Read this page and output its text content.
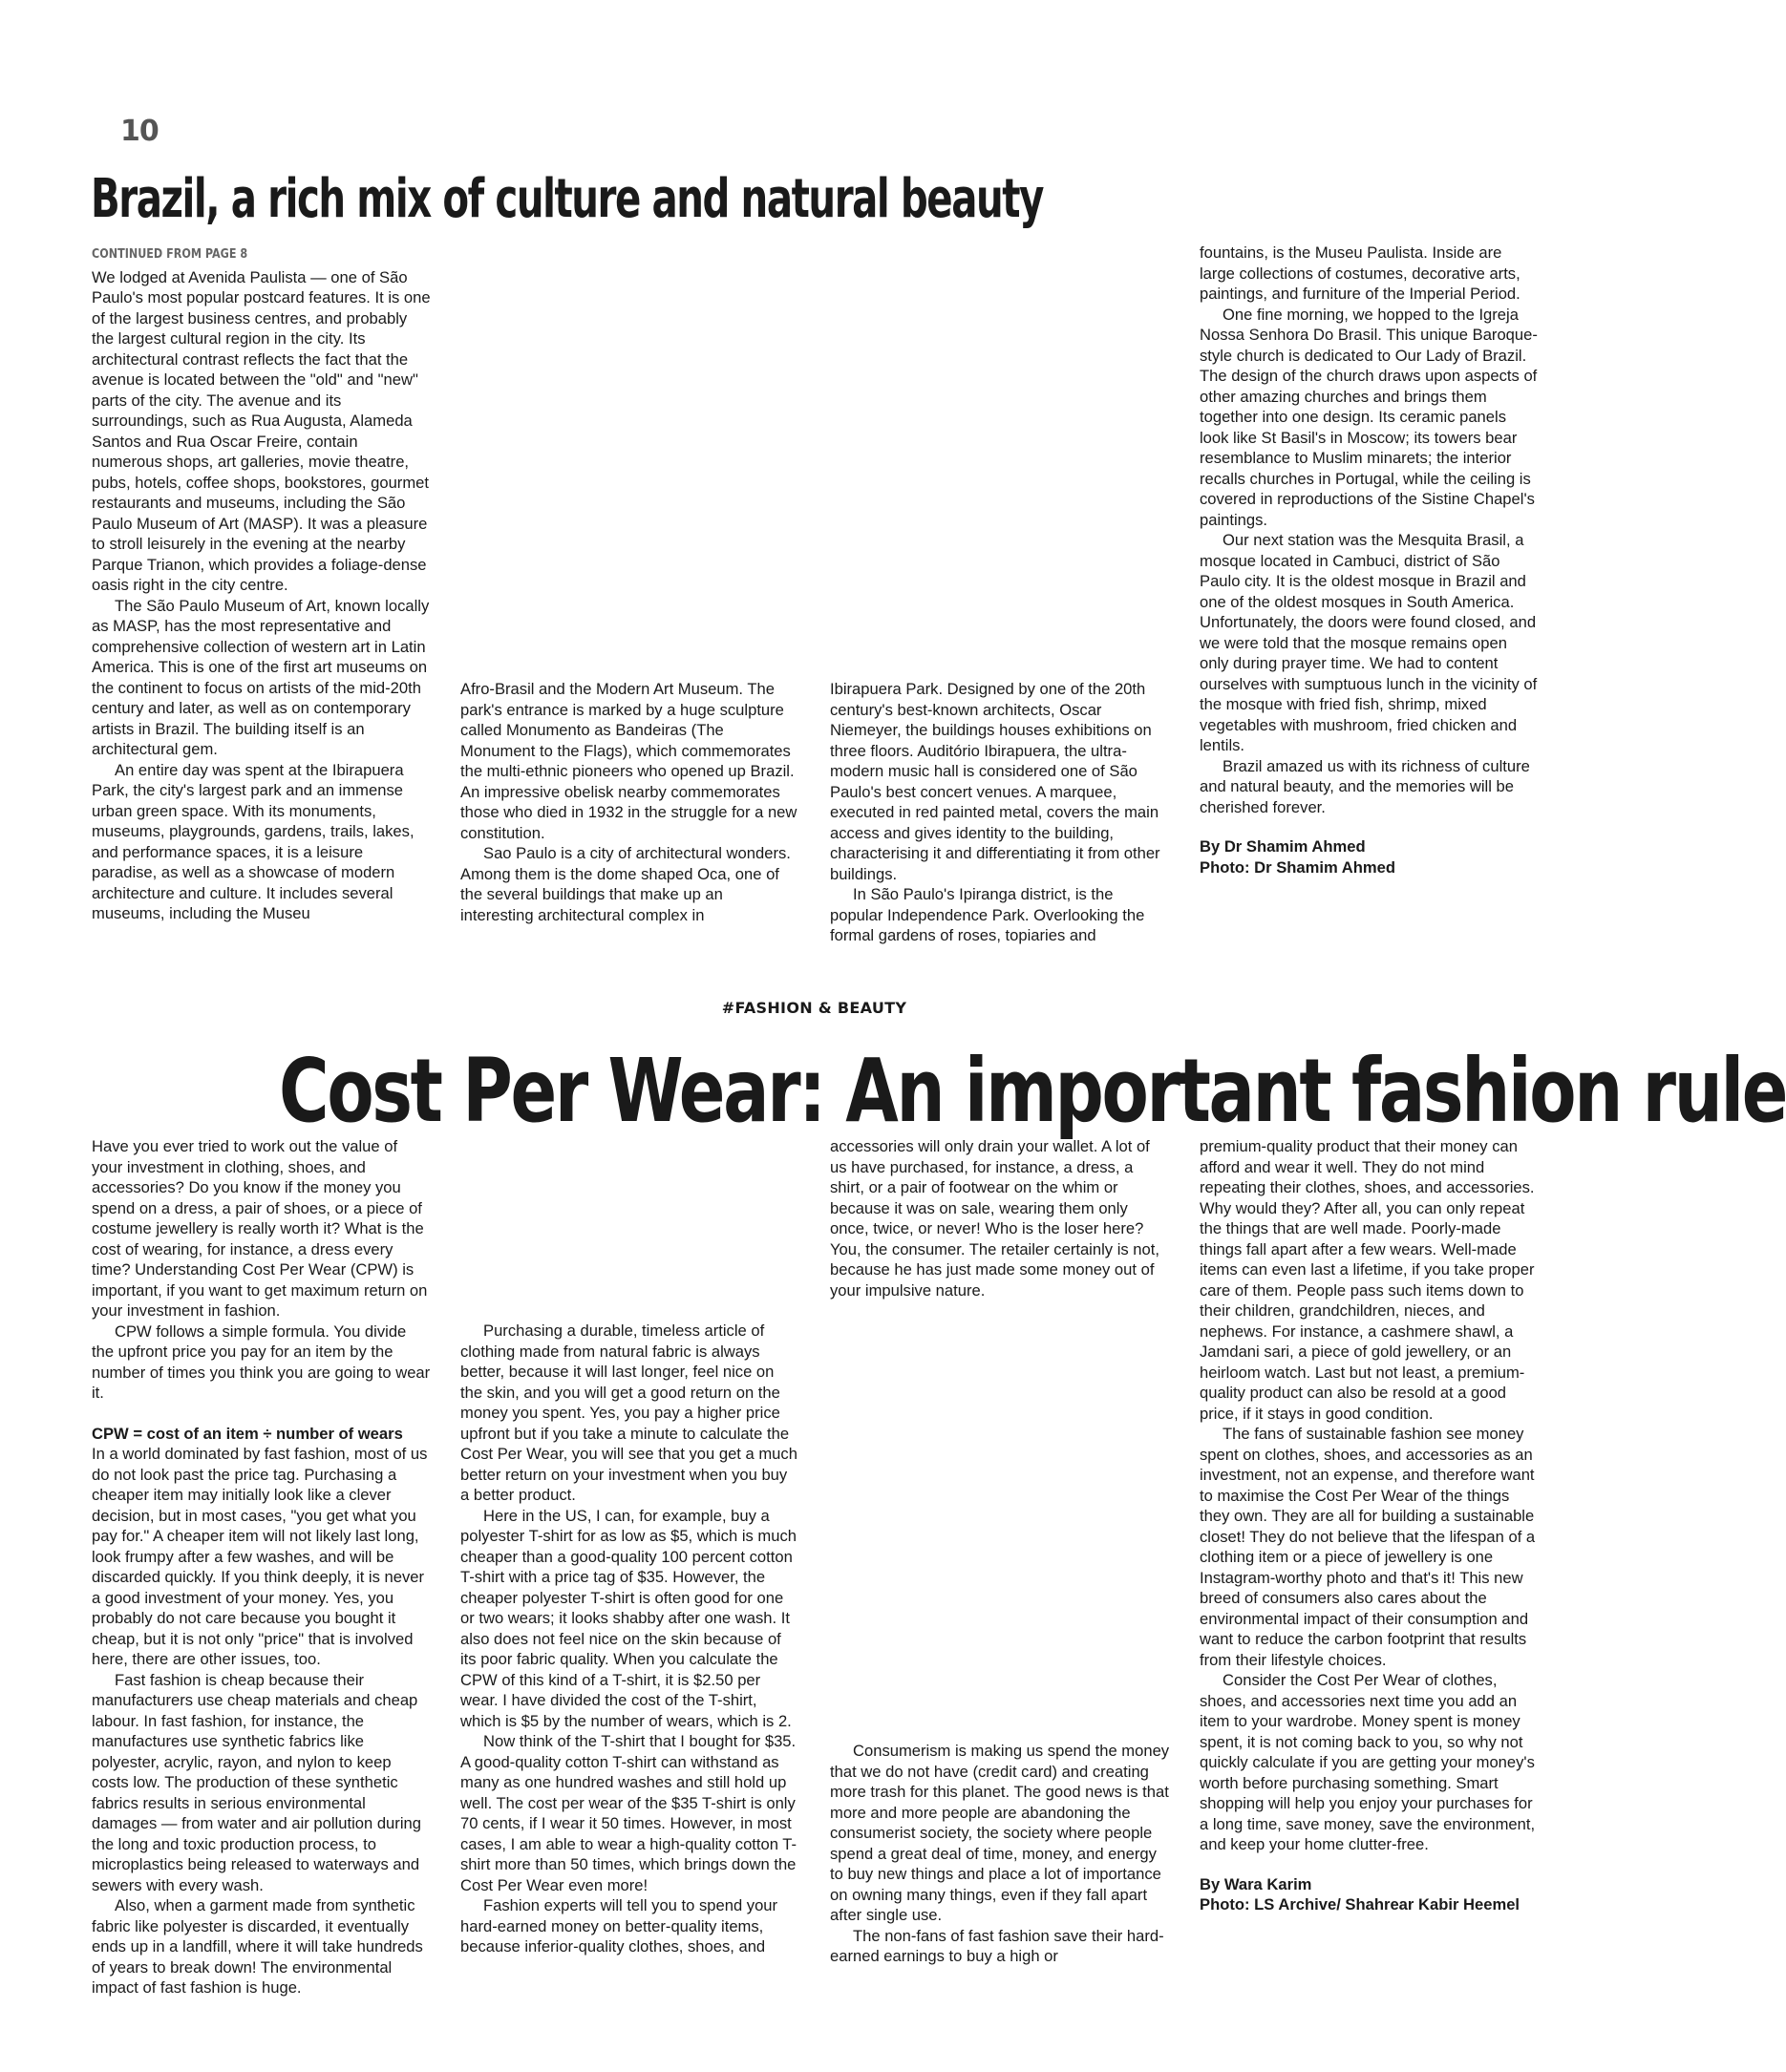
10
Brazil, a rich mix of culture and natural beauty
CONTINUED FROM PAGE 8

We lodged at Avenida Paulista — one of São Paulo's most popular postcard features. It is one of the largest business centres, and probably the largest cultural region in the city. Its architectural contrast reflects the fact that the avenue is located between the "old" and "new" parts of the city. The avenue and its surroundings, such as Rua Augusta, Alameda Santos and Rua Oscar Freire, contain numerous shops, art galleries, movie theatre, pubs, hotels, coffee shops, bookstores, gourmet restaurants and museums, including the São Paulo Museum of Art (MASP). It was a pleasure to stroll leisurely in the evening at the nearby Parque Trianon, which provides a foliage-dense oasis right in the city centre.

The São Paulo Museum of Art, known locally as MASP, has the most representative and comprehensive collection of western art in Latin America. This is one of the first art museums on the continent to focus on artists of the mid-20th century and later, as well as on contemporary artists in Brazil. The building itself is an architectural gem.

An entire day was spent at the Ibirapuera Park, the city's largest park and an immense urban green space. With its monuments, museums, playgrounds, gardens, trails, lakes, and performance spaces, it is a leisure paradise, as well as a showcase of modern architecture and culture. It includes several museums, including the Museu

Afro-Brasil and the Modern Art Museum. The park's entrance is marked by a huge sculpture called Monumento as Bandeiras (The Monument to the Flags), which commemorates the multi-ethnic pioneers who opened up Brazil. An impressive obelisk nearby commemorates those who died in 1932 in the struggle for a new constitution.

Sao Paulo is a city of architectural wonders. Among them is the dome shaped Oca, one of the several buildings that make up an interesting architectural complex in

Ibirapuera Park. Designed by one of the 20th century's best-known architects, Oscar Niemeyer, the buildings houses exhibitions on three floors. Auditório Ibirapuera, the ultra-modern music hall is considered one of São Paulo's best concert venues. A marquee, executed in red painted metal, covers the main access and gives identity to the building, characterising it and differentiating it from other buildings.

In São Paulo's Ipiranga district, is the popular Independence Park. Overlooking the formal gardens of roses, topiaries and

fountains, is the Museu Paulista. Inside are large collections of costumes, decorative arts, paintings, and furniture of the Imperial Period.

One fine morning, we hopped to the Igreja Nossa Senhora Do Brasil. This unique Baroque-style church is dedicated to Our Lady of Brazil. The design of the church draws upon aspects of other amazing churches and brings them together into one design. Its ceramic panels look like St Basil's in Moscow; its towers bear resemblance to Muslim minarets; the interior recalls churches in Portugal, while the ceiling is covered in reproductions of the Sistine Chapel's paintings.

Our next station was the Mesquita Brasil, a mosque located in Cambuci, district of São Paulo city. It is the oldest mosque in Brazil and one of the oldest mosques in South America. Unfortunately, the doors were found closed, and we were told that the mosque remains open only during prayer time. We had to content ourselves with sumptuous lunch in the vicinity of the mosque with fried fish, shrimp, mixed vegetables with mushroom, fried chicken and lentils.

Brazil amazed us with its richness of culture and natural beauty, and the memories will be cherished forever.

By Dr Shamim Ahmed

Photo: Dr Shamim Ahmed

#FASHION & BEAUTY
Cost Per Wear: An important fashion rule

Have you ever tried to work out the value of your investment in clothing, shoes, and accessories? Do you know if the money you spend on a dress, a pair of shoes, or a piece of costume jewellery is really worth it? What is the cost of wearing, for instance, a dress every time? Understanding Cost Per Wear (CPW) is important, if you want to get maximum return on your investment in fashion.

CPW follows a simple formula. You divide the upfront price you pay for an item by the number of times you think you are going to wear it.

CPW = cost of an item ÷ number of wears

In a world dominated by fast fashion, most of us do not look past the price tag. Purchasing a cheaper item may initially look like a clever decision, but in most cases, "you get what you pay for." A cheaper item will not likely last long, look frumpy after a few washes, and will be discarded quickly. If you think deeply, it is never a good investment of your money. Yes, you probably do not care because you bought it cheap, but it is not only "price" that is involved here, there are other issues, too.

Fast fashion is cheap because their manufacturers use cheap materials and cheap labour. In fast fashion, for instance, the manufactures use synthetic fabrics like polyester, acrylic, rayon, and nylon to keep costs low. The production of these synthetic fabrics results in serious environmental damages — from water and air pollution during the long and toxic production process, to microplastics being released to waterways and sewers with every wash.

Also, when a garment made from synthetic fabric like polyester is discarded, it eventually ends up in a landfill, where it will take hundreds of years to break down! The environmental impact of fast fashion is huge.

Purchasing a durable, timeless article of clothing made from natural fabric is always better, because it will last longer, feel nice on the skin, and you will get a good return on the money you spent. Yes, you pay a higher price upfront but if you take a minute to calculate the Cost Per Wear, you will see that you get a much better return on your investment when you buy a better product.

Here in the US, I can, for example, buy a polyester T-shirt for as low as $5, which is much cheaper than a good-quality 100 percent cotton T-shirt with a price tag of $35. However, the cheaper polyester T-shirt is often good for one or two wears; it looks shabby after one wash. It also does not feel nice on the skin because of its poor fabric quality. When you calculate the CPW of this kind of a T-shirt, it is $2.50 per wear. I have divided the cost of the T-shirt, which is $5 by the number of wears, which is 2.

Now think of the T-shirt that I bought for $35. A good-quality cotton T-shirt can withstand as many as one hundred washes and still hold up well. The cost per wear of the $35 T-shirt is only 70 cents, if I wear it 50 times. However, in most cases, I am able to wear a high-quality cotton T-shirt more than 50 times, which brings down the Cost Per Wear even more!

Fashion experts will tell you to spend your hard-earned money on better-quality items, because inferior-quality clothes, shoes, and

accessories will only drain your wallet. A lot of us have purchased, for instance, a dress, a shirt, or a pair of footwear on the whim or because it was on sale, wearing them only once, twice, or never! Who is the loser here? You, the consumer. The retailer certainly is not, because he has just made some money out of your impulsive nature.

Consumerism is making us spend the money that we do not have (credit card) and creating more trash for this planet. The good news is that more and more people are abandoning the consumerist society, the society where people spend a great deal of time, money, and energy to buy new things and place a lot of importance on owning many things, even if they fall apart after single use.

The non-fans of fast fashion save their hard-earned earnings to buy a high or

premium-quality product that their money can afford and wear it well. They do not mind repeating their clothes, shoes, and accessories. Why would they? After all, you can only repeat the things that are well made. Poorly-made things fall apart after a few wears. Well-made items can even last a lifetime, if you take proper care of them. People pass such items down to their children, grandchildren, nieces, and nephews. For instance, a cashmere shawl, a Jamdani sari, a piece of gold jewellery, or an heirloom watch. Last but not least, a premium-quality product can also be resold at a good price, if it stays in good condition.

The fans of sustainable fashion see money spent on clothes, shoes, and accessories as an investment, not an expense, and therefore want to maximise the Cost Per Wear of the things they own. They are all for building a sustainable closet! They do not believe that the lifespan of a clothing item or a piece of jewellery is one Instagram-worthy photo and that's it! This new breed of consumers also cares about the environmental impact of their consumption and want to reduce the carbon footprint that results from their lifestyle choices.

Consider the Cost Per Wear of clothes, shoes, and accessories next time you add an item to your wardrobe. Money spent is money spent, it is not coming back to you, so why not quickly calculate if you are getting your money's worth before purchasing something. Smart shopping will help you enjoy your purchases for a long time, save money, save the environment, and keep your home clutter-free.

By Wara Karim

Photo: LS Archive/ Shahrear Kabir Heemel
